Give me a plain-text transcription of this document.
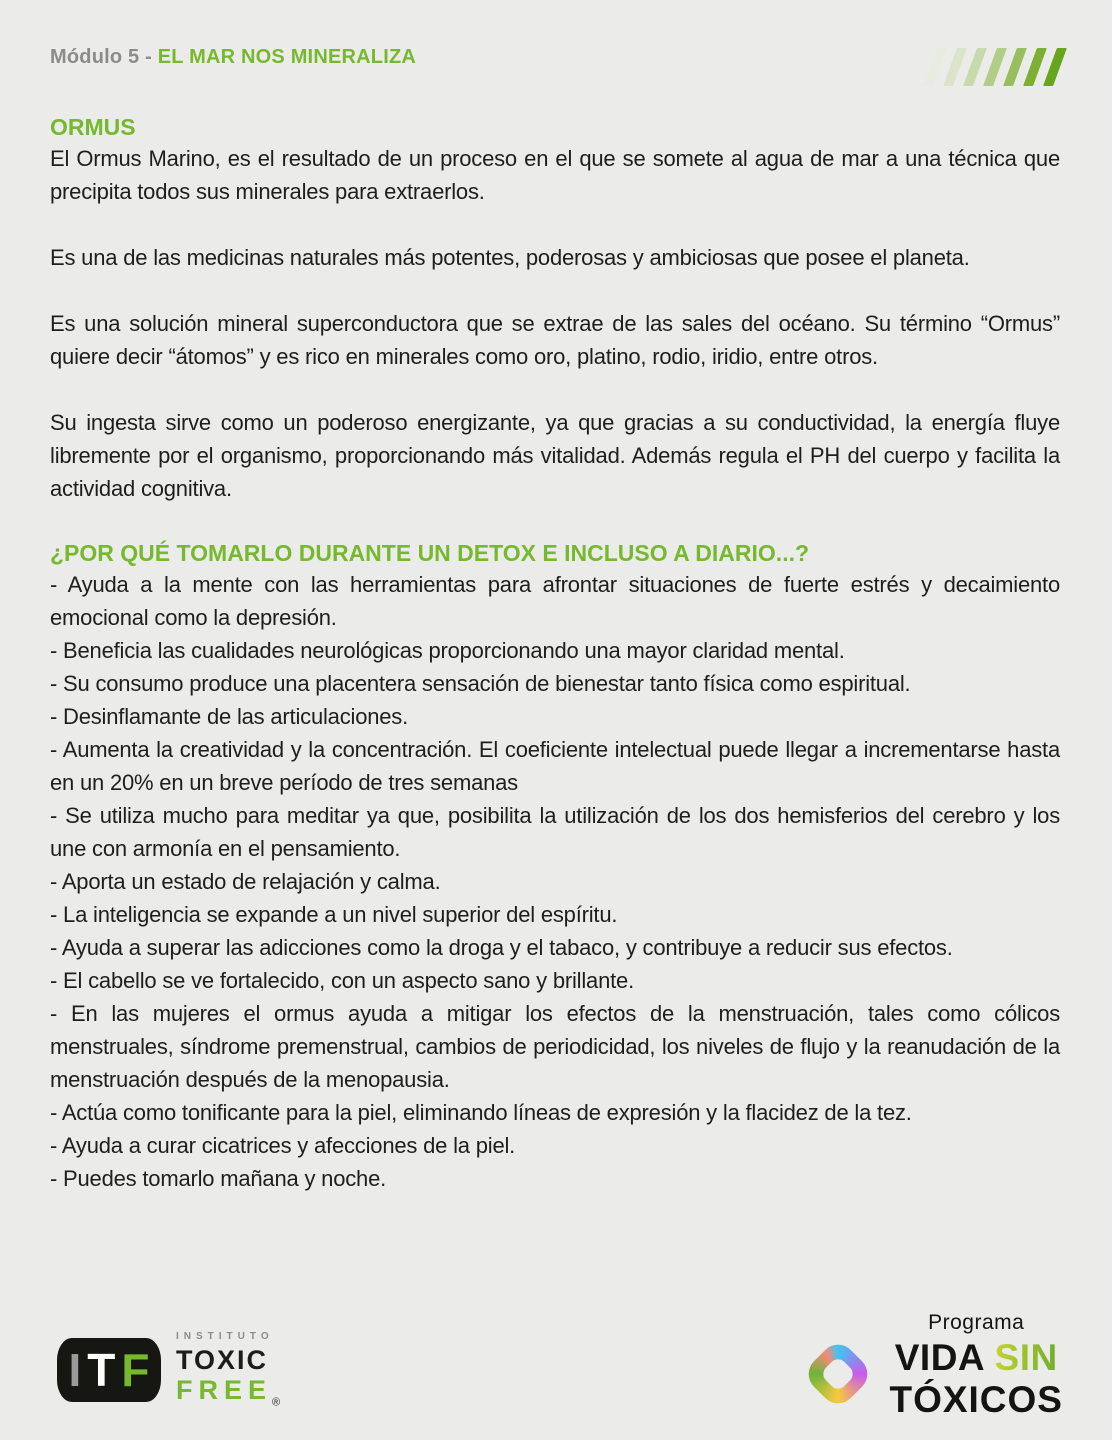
Módulo 5 - EL MAR NOS MINERALIZA
ORMUS

El Ormus Marino, es el resultado de un proceso en el que se somete al agua de mar a una técnica que precipita todos sus minerales para extraerlos.

Es una de las medicinas naturales más potentes, poderosas y ambiciosas que posee el planeta.

Es una solución mineral superconductora que se extrae de las sales del océano. Su término “Ormus” quiere decir “átomos” y es rico en minerales como oro, platino, rodio, iridio, entre otros.

Su ingesta sirve como un poderoso energizante, ya que gracias a su conductividad, la energía fluye libremente por el organismo, proporcionando más vitalidad. Además regula el PH del cuerpo y facilita la actividad cognitiva.

¿POR QUÉ TOMARLO DURANTE UN DETOX E INCLUSO A DIARIO...?

- Ayuda a la mente con las herramientas para afrontar situaciones de fuerte estrés y decaimiento emocional como la depresión.

- Beneficia las cualidades neurológicas proporcionando una mayor claridad mental.

- Su consumo produce una placentera sensación de bienestar tanto física como espiritual.

- Desinflamante de las articulaciones.

- Aumenta la creatividad y la concentración. El coeficiente intelectual puede llegar a incrementarse hasta en un 20% en un breve período de tres semanas

- Se utiliza mucho para meditar ya que, posibilita la utilización de los dos hemisferios del cerebro y los une con armonía en el pensamiento.

- Aporta un estado de relajación y calma.

- La inteligencia se expande a un nivel superior del espíritu.

- Ayuda a superar las adicciones como la droga y el tabaco, y contribuye a reducir sus efectos.

- El cabello se ve fortalecido, con un aspecto sano y brillante.

- En las mujeres el ormus ayuda a mitigar los efectos de la menstruación, tales como cólicos menstruales, síndrome premenstrual, cambios de periodicidad, los niveles de flujo y la reanudación de la menstruación después de la menopausia.

- Actúa como tonificante para la piel, eliminando líneas de expresión y la flacidez de la tez.

- Ayuda a curar cicatrices y afecciones de la piel.

- Puedes tomarlo mañana y noche.

I T F
INSTITUTO
TOXIC
$FREE_®$
Programa
VIDA SIN
TÓXICOS
